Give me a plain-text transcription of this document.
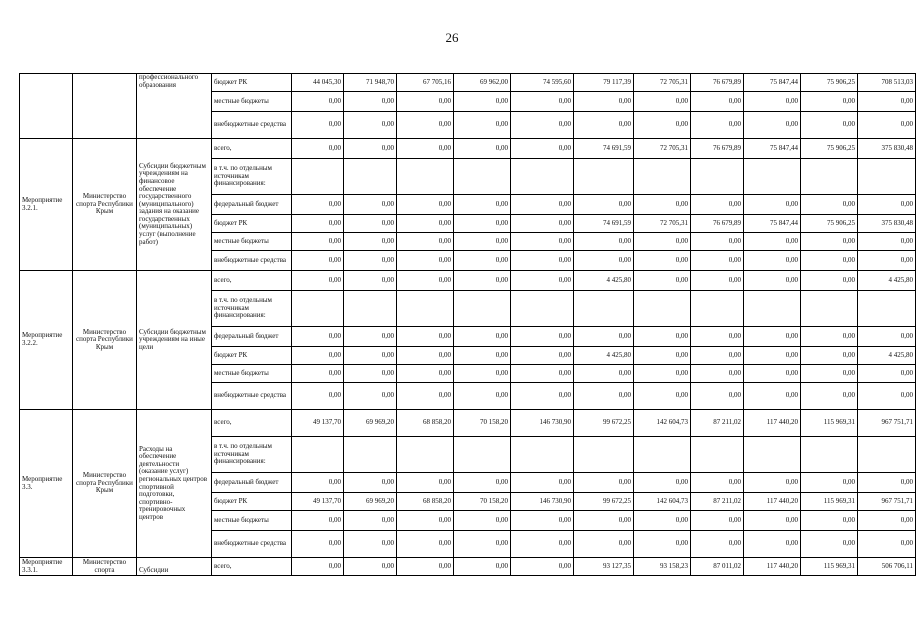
26
		профессионального образования	бюджет РК	44 045,30	71 948,70	67 705,16	69 962,00	74 595,60	79 117,39	72 705,31	76 679,89	75 847,44	75 906,25	708 513,03
			местные бюджеты	0,00	0,00	0,00	0,00	0,00	0,00	0,00	0,00	0,00	0,00	0,00
			внебюджетные средства	0,00	0,00	0,00	0,00	0,00	0,00	0,00	0,00	0,00	0,00	0,00
Мероприятие 3.2.1.	Министерство спорта Республики Крым	Субсидии бюджетным учреждениям на финансовое обеспечение государственного (муниципального) задания на оказание государственных (муниципальных) услуг (выполнение работ)	всего,	0,00	0,00	0,00	0,00	0,00	74 691,59	72 705,31	76 679,89	75 847,44	75 906,25	375 830,48
			в т.ч. по отдельным источникам финансирования:											
			федеральный бюджет	0,00	0,00	0,00	0,00	0,00	0,00	0,00	0,00	0,00	0,00	0,00
			бюджет РК	0,00	0,00	0,00	0,00	0,00	74 691,59	72 705,31	76 679,89	75 847,44	75 906,25	375 830,48
			местные бюджеты	0,00	0,00	0,00	0,00	0,00	0,00	0,00	0,00	0,00	0,00	0,00
			внебюджетные средства	0,00	0,00	0,00	0,00	0,00	0,00	0,00	0,00	0,00	0,00	0,00
Мероприятие 3.2.2.	Министерство спорта Республики Крым	Субсидии бюджетным учреждениям на иные цели	всего,	0,00	0,00	0,00	0,00	0,00	4 425,80	0,00	0,00	0,00	0,00	4 425,80
			в т.ч. по отдельным источникам финансирования:											
			федеральный бюджет	0,00	0,00	0,00	0,00	0,00	0,00	0,00	0,00	0,00	0,00	0,00
			бюджет РК	0,00	0,00	0,00	0,00	0,00	4 425,80	0,00	0,00	0,00	0,00	4 425,80
			местные бюджеты	0,00	0,00	0,00	0,00	0,00	0,00	0,00	0,00	0,00	0,00	0,00
			внебюджетные средства	0,00	0,00	0,00	0,00	0,00	0,00	0,00	0,00	0,00	0,00	0,00
Мероприятие 3.3.	Министерство спорта Республики Крым	Расходы на обеспечение деятельности (оказание услуг) региональных центров спортивной подготовки, спортивно-тренировочных центров	всего,	49 137,70	69 969,20	68 858,20	70 158,20	146 730,90	99 672,25	142 604,73	87 211,02	117 440,20	115 969,31	967 751,71
			в т.ч. по отдельным источникам финансирования:											
			федеральный бюджет	0,00	0,00	0,00	0,00	0,00	0,00	0,00	0,00	0,00	0,00	0,00
			бюджет РК	49 137,70	69 969,20	68 858,20	70 158,20	146 730,90	99 672,25	142 604,73	87 211,02	117 440,20	115 969,31	967 751,71
			местные бюджеты	0,00	0,00	0,00	0,00	0,00	0,00	0,00	0,00	0,00	0,00	0,00
			внебюджетные средства	0,00	0,00	0,00	0,00	0,00	0,00	0,00	0,00	0,00	0,00	0,00
Мероприятие 3.3.1.	Министерство спорта	Субсидии	всего,	0,00	0,00	0,00	0,00	0,00	93 127,35	93 158,23	87 011,02	117 440,20	115 969,31	506 706,11
